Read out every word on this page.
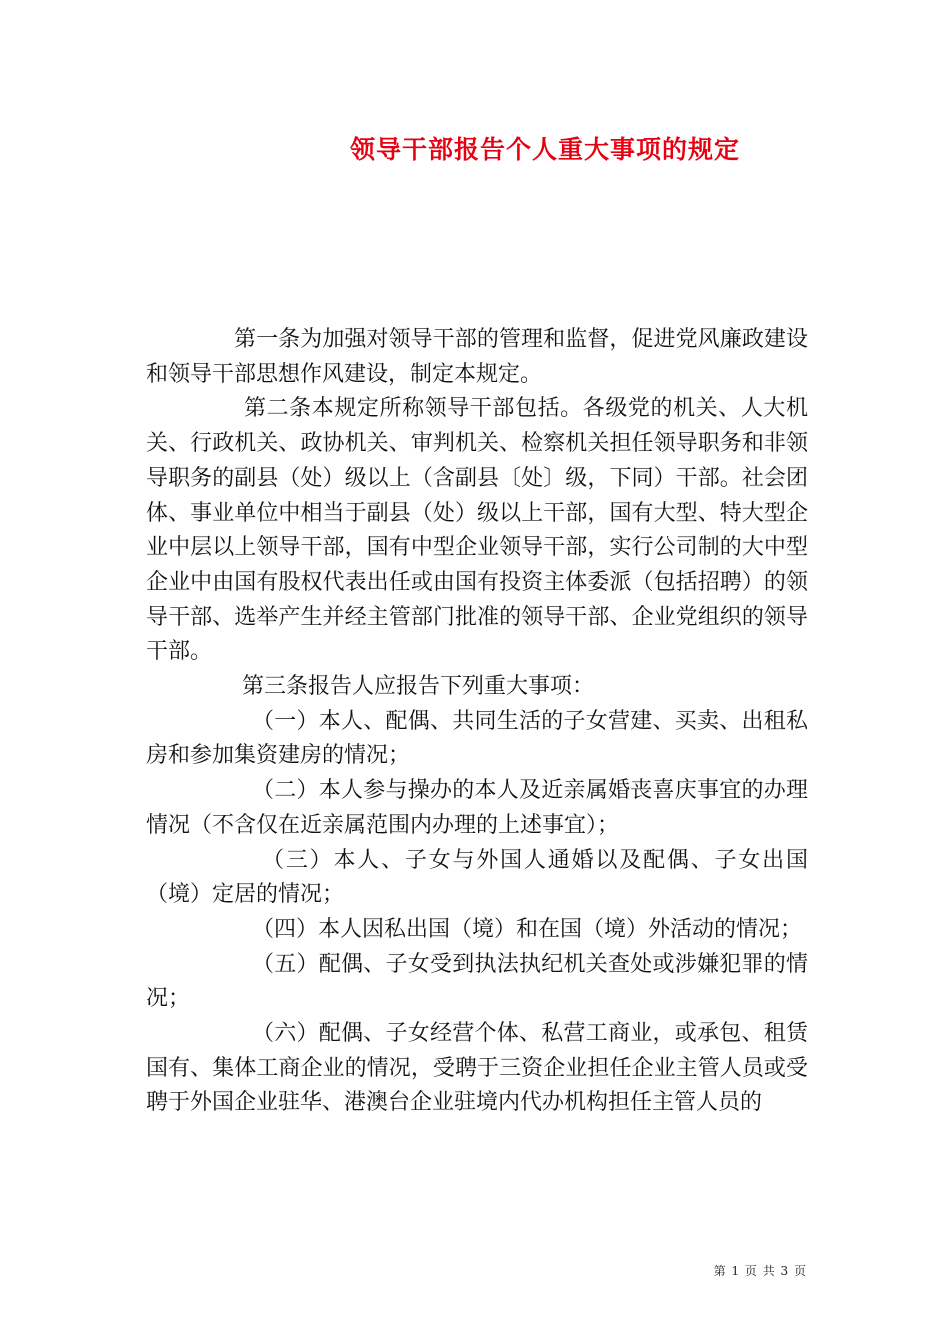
领导干部报告个人重大事项的规定

第一条为加强对领导干部的管理和监督，促进党风廉政建设和领导干部思想作风建设，制定本规定。

第二条本规定所称领导干部包括。各级党的机关、人大机关、行政机关、政协机关、审判机关、检察机关担任领导职务和非领导职务的副县（处）级以上（含副县〔处〕级，下同）干部。社会团体、事业单位中相当于副县（处）级以上干部，国有大型、特大型企业中层以上领导干部，国有中型企业领导干部，实行公司制的大中型企业中由国有股权代表出任或由国有投资主体委派（包括招聘）的领导干部、选举产生并经主管部门批准的领导干部、企业党组织的领导干部。

第三条报告人应报告下列重大事项：

（一）本人、配偶、共同生活的子女营建、买卖、出租私房和参加集资建房的情况；

（二）本人参与操办的本人及近亲属婚丧喜庆事宜的办理情况（不含仅在近亲属范围内办理的上述事宜）；

（三）本人、子女与外国人通婚以及配偶、子女出国（境）定居的情况；

（四）本人因私出国（境）和在国（境）外活动的情况；

（五）配偶、子女受到执法执纪机关查处或涉嫌犯罪的情况；

（六）配偶、子女经营个体、私营工商业，或承包、租赁国有、集体工商企业的情况，受聘于三资企业担任企业主管人员或受聘于外国企业驻华、港澳台企业驻境内代办机构担任主管人员的

第 1 页 共 3 页
